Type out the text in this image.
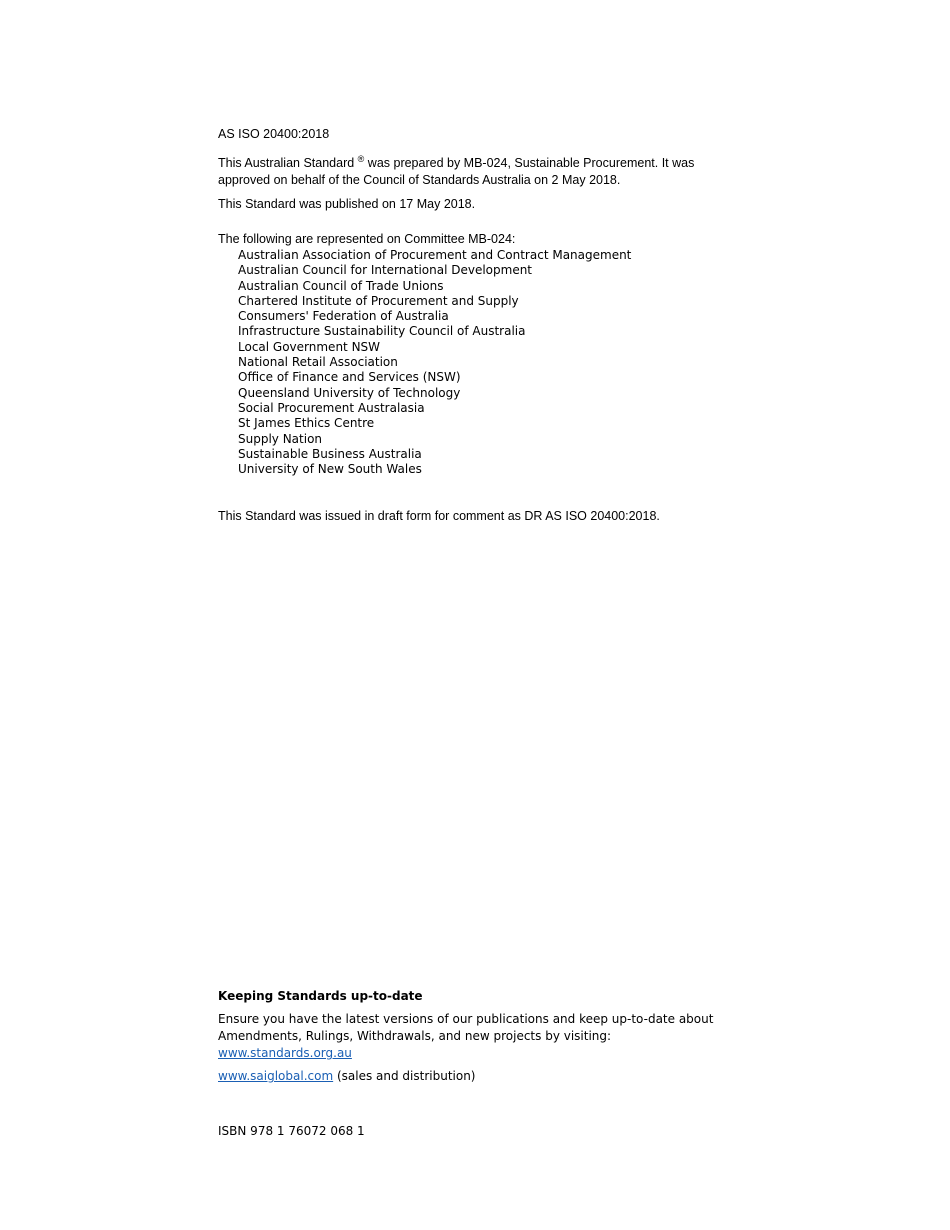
AS ISO 20400:2018
This Australian Standard ® was prepared by MB-024, Sustainable Procurement. It was
approved on behalf of the Council of Standards Australia on 2 May 2018.
This Standard was published on 17 May 2018.
The following are represented on Committee MB-024:
Australian Association of Procurement and Contract Management
Australian Council for International Development
Australian Council of Trade Unions
Chartered Institute of Procurement and Supply
Consumers' Federation of Australia
Infrastructure Sustainability Council of Australia
Local Government NSW
National Retail Association
Office of Finance and Services (NSW)
Queensland University of Technology
Social Procurement Australasia
St James Ethics Centre
Supply Nation
Sustainable Business Australia
University of New South Wales
This Standard was issued in draft form for comment as DR AS ISO 20400:2018.
Keeping Standards up-to-date
Ensure you have the latest versions of our publications and keep up-to-date about
Amendments, Rulings, Withdrawals, and new projects by visiting:
www.standards.org.au
www.saiglobal.com (sales and distribution)
ISBN 978 1 76072 068 1
